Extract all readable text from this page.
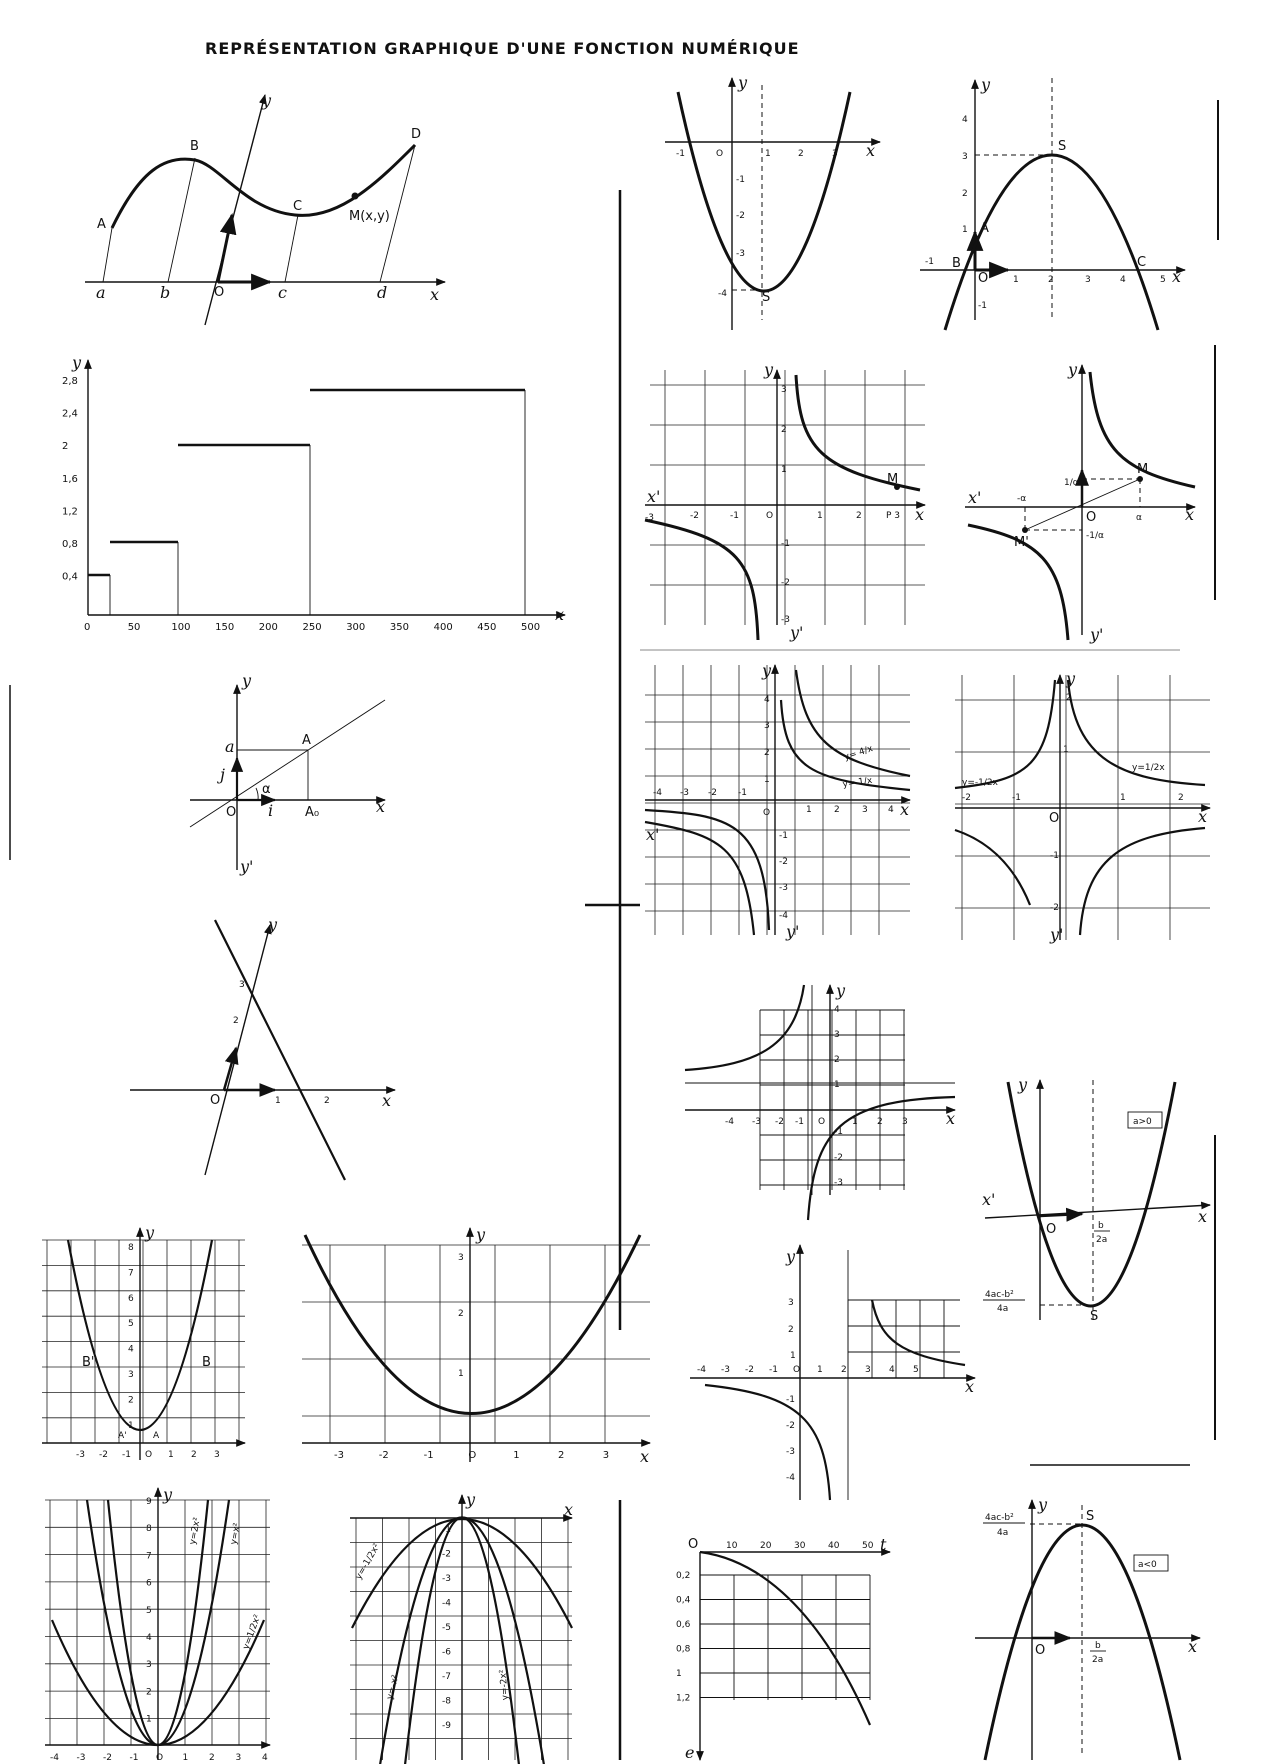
REPRÉSENTATION GRAPHIQUE D'UNE FONCTION NUMÉRIQUE
A
B
C
D
M(x,y)
a	b	c	d
O	x
y
-1	O	1	2	3
-1
-2
-3
-4	S
x
y
-1
1	2	3	4	5
4
3
2
1
-1
O
A
B	C
S
x
y
0	50	100 150 200 250 300 350 400 450 500
2,8
2,4
2
1,6
1,2
0,8
0,4
x
y
-3	-2	-1	O	1	2	P 3
3
2
1
-1
-2
-3
x'
y'
M
x
y
-α
α
1/α
-1/α
O
M
M'
x'
y'
x
y
a	A
A₀
α
i
j
O
y'
x
y
-4 -3 -2 -1
O	1 2 3 4
4
3
2
1
-1
-2
-3
-4
y= 4/x
y= 1/x
x'
y'
x
y
-2	-1	1	2
2
1
-1
-2
y=-1/2x
y=1/2x
O
y'
x
y
1
2
3
1	2
O	x
y
-4 -3 -2 -1 O	1 2 3
4
3
2
1
-1
-2
-3
x
y
a>0
b
2a
4ac-b²
4a
O
S
x'
x
y
B'	B
A'	A
8
7
6
5
4
3
2
1
-3 -2 -1 O 1 2 3
y
-3	-2	-1	O	1	2	3
3
2
1
x
y
-4 -3 -2 -1 O 1 2 3 4 5
3
2
1
-1
-2
-3
-4
x
y
9
8
7
6
5
4
3
2
1
-4 -3 -2 -1 O 1 2 3 4
y=2x²	y=x²
y=1/2x²
y
-1
-2
-3
-4
-5
-6
-7
-8
-9
y=-1/2x²
y=-x²	y=-2x²
x
y
O	10	20	30	40	50
0,2
0,4
0,6
0,8
1
1,2
t
e
a<0
4ac-b²
4a
b
2a
O
S
x
y
